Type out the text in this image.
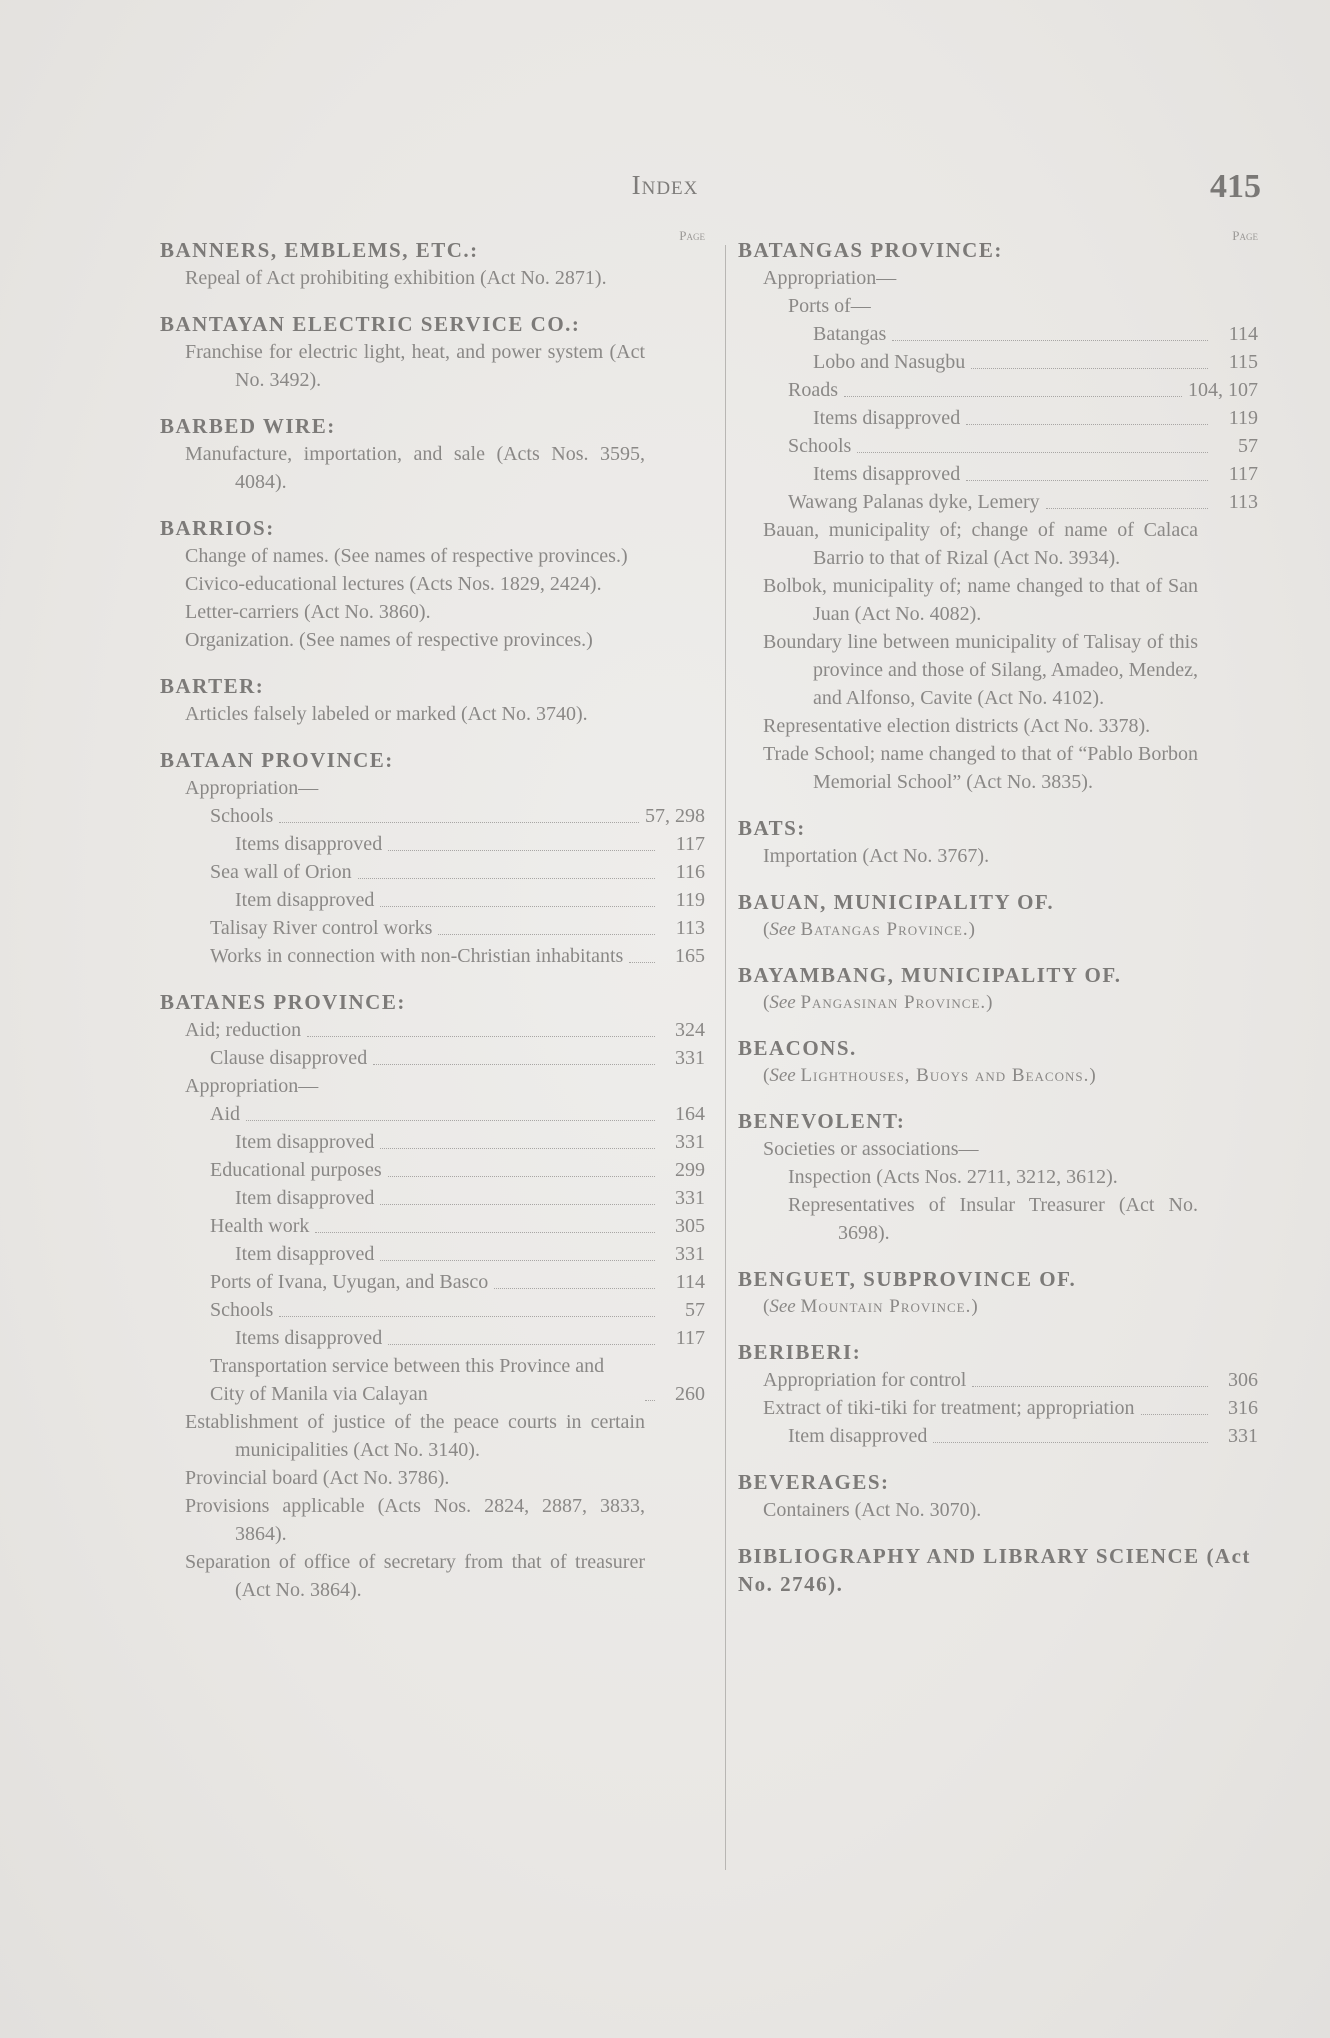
Index	415
Page
BANNERS, EMBLEMS, ETC.:
Repeal of Act prohibiting exhibition (Act No. 2871).
BANTAYAN ELECTRIC SERVICE CO.:
Franchise for electric light, heat, and power system (Act No. 3492).
BARBED WIRE:
Manufacture, importation, and sale (Acts Nos. 3595, 4084).
BARRIOS:
Change of names. (See names of respective provinces.)
Civico-educational lectures (Acts Nos. 1829, 2424).
Letter-carriers (Act No. 3860).
Organization. (See names of respective provinces.)
BARTER:
Articles falsely labeled or marked (Act No. 3740).
BATAAN PROVINCE:
Appropriation—
Schools	57, 298
Items disapproved	117
Sea wall of Orion	116
Item disapproved	119
Talisay River control works	113
Works in connection with non-Christian inhabitants	165
BATANES PROVINCE:
Aid; reduction	324
Clause disapproved	331
Appropriation—
Aid	164
Item disapproved	331
Educational purposes	299
Item disapproved	331
Health work	305
Item disapproved	331
Ports of Ivana, Uyugan, and Basco	114
Schools	57
Items disapproved	117
Transportation service between this Province and City of Manila via Calayan	260
Establishment of justice of the peace courts in certain municipalities (Act No. 3140).
Provincial board (Act No. 3786).
Provisions applicable (Acts Nos. 2824, 2887, 3833, 3864).
Separation of office of secretary from that of treasurer (Act No. 3864).
Page
BATANGAS PROVINCE:
Appropriation—
Ports of—
Batangas	114
Lobo and Nasugbu	115
Roads	104, 107
Items disapproved	119
Schools	57
Items disapproved	117
Wawang Palanas dyke, Lemery	113
Bauan, municipality of; change of name of Calaca Barrio to that of Rizal (Act No. 3934).
Bolbok, municipality of; name changed to that of San Juan (Act No. 4082).
Boundary line between municipality of Talisay of this province and those of Silang, Amadeo, Mendez, and Alfonso, Cavite (Act No. 4102).
Representative election districts (Act No. 3378).
Trade School; name changed to that of “Pablo Borbon Memorial School” (Act No. 3835).
BATS:
Importation (Act No. 3767).
BAUAN, MUNICIPALITY OF.
(See Batangas Province.)
BAYAMBANG, MUNICIPALITY OF.
(See Pangasinan Province.)
BEACONS.
(See Lighthouses, Buoys and Beacons.)
BENEVOLENT:
Societies or associations—
Inspection (Acts Nos. 2711, 3212, 3612).
Representatives of Insular Treasurer (Act No. 3698).
BENGUET, SUBPROVINCE OF.
(See Mountain Province.)
BERIBERI:
Appropriation for control	306
Extract of tiki-tiki for treatment; appropriation	316
Item disapproved	331
BEVERAGES:
Containers (Act No. 3070).
BIBLIOGRAPHY AND LIBRARY SCIENCE (Act No. 2746).
